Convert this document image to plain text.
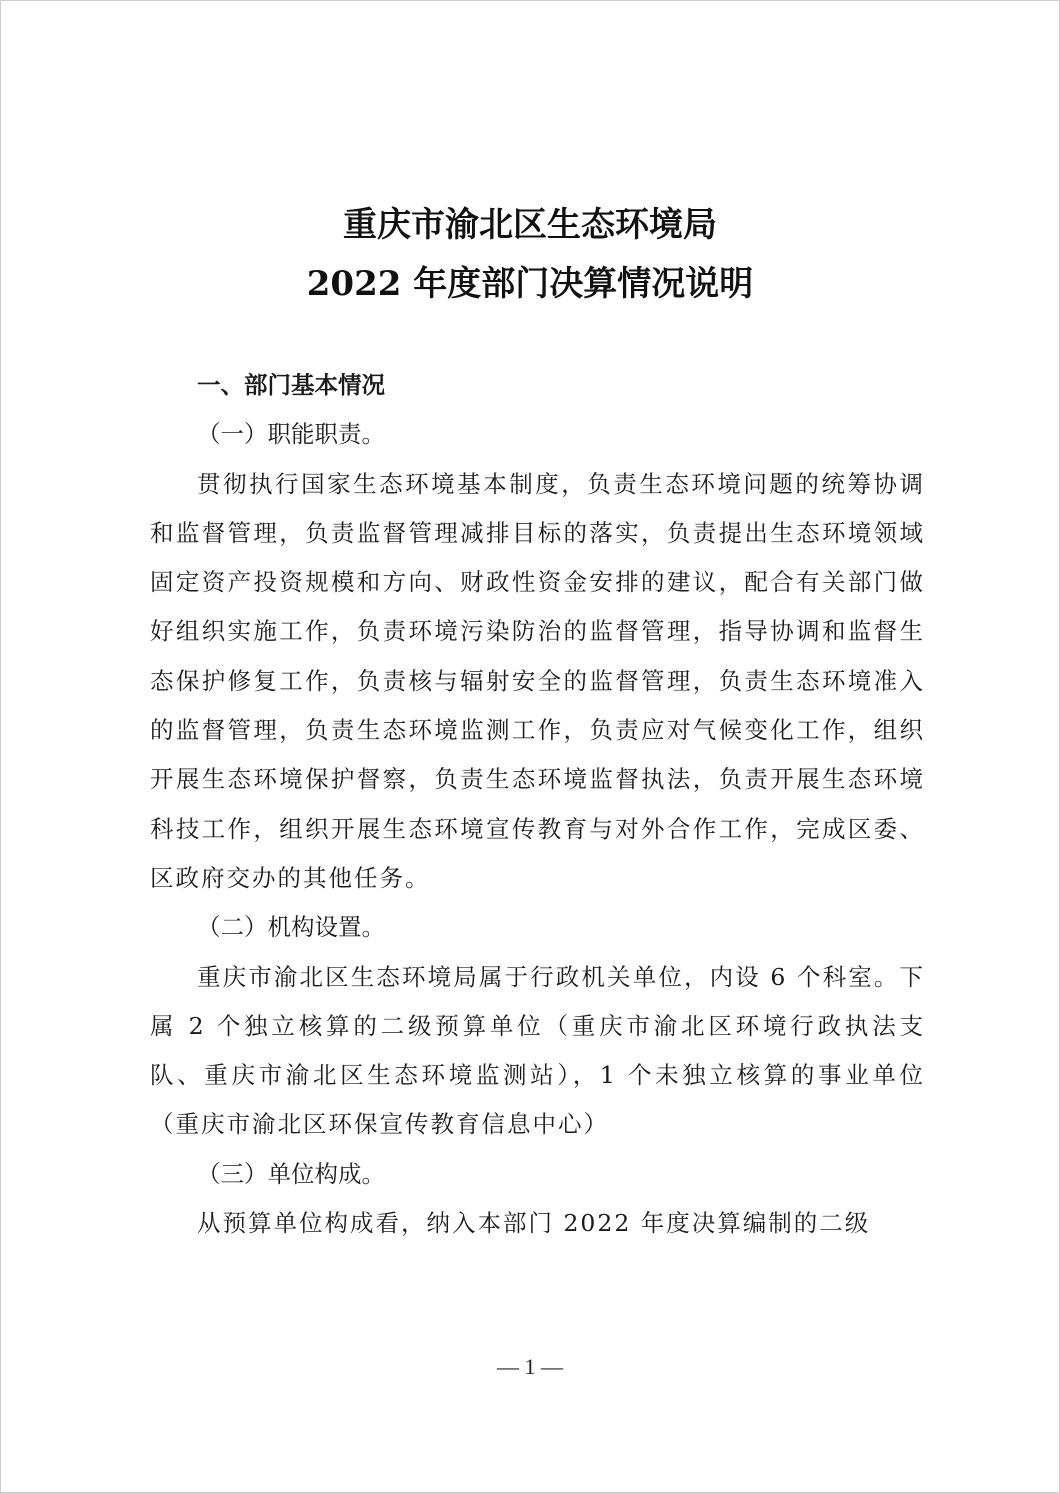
重庆市渝北区生态环境局
2022 年度部门决算情况说明

一、部门基本情况

（一）职能职责。

贯彻执行国家生态环境基本制度，负责生态环境问题的统筹协调和监督管理，负责监督管理减排目标的落实，负责提出生态环境领域固定资产投资规模和方向、财政性资金安排的建议，配合有关部门做好组织实施工作，负责环境污染防治的监督管理，指导协调和监督生态保护修复工作，负责核与辐射安全的监督管理，负责生态环境准入的监督管理，负责生态环境监测工作，负责应对气候变化工作，组织开展生态环境保护督察，负责生态环境监督执法，负责开展生态环境科技工作，组织开展生态环境宣传教育与对外合作工作，完成区委、区政府交办的其他任务。

（二）机构设置。

重庆市渝北区生态环境局属于行政机关单位，内设 6 个科室。下属 2 个独立核算的二级预算单位（重庆市渝北区环境行政执法支队、重庆市渝北区生态环境监测站），1 个未独立核算的事业单位（重庆市渝北区环保宣传教育信息中心）

（三）单位构成。

从预算单位构成看，纳入本部门 2022 年度决算编制的二级

— 1 —
